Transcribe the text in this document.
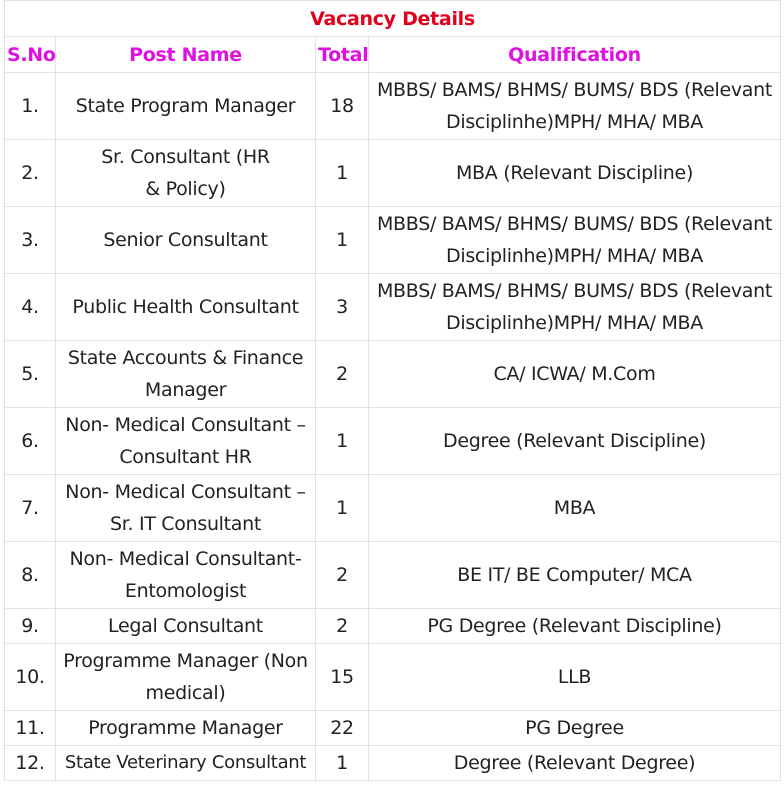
Vacancy Details			
S.No	Post Name	Total	Qualification
1.	State Program Manager	18	MBBS/ BAMS/ BHMS/ BUMS/ BDS (Relevant Disciplinhe)MPH/ MHA/ MBA
2.	Sr. Consultant (HR & Policy)	1	MBA (Relevant Discipline)
3.	Senior Consultant	1	MBBS/ BAMS/ BHMS/ BUMS/ BDS (Relevant Disciplinhe)MPH/ MHA/ MBA
4.	Public Health Consultant	3	MBBS/ BAMS/ BHMS/ BUMS/ BDS (Relevant Disciplinhe)MPH/ MHA/ MBA
5.	State Accounts & Finance Manager	2	CA/ ICWA/ M.Com
6.	Non- Medical Consultant – Consultant HR	1	Degree (Relevant Discipline)
7.	Non- Medical Consultant – Sr. IT Consultant	1	MBA
8.	Non- Medical Consultant- Entomologist	2	BE IT/ BE Computer/ MCA
9.	Legal Consultant	2	PG Degree (Relevant Discipline)
10.	Programme Manager (Non medical)	15	LLB
11.	Programme Manager	22	PG Degree
12.	State Veterinary Consultant	1	Degree (Relevant Degree)
